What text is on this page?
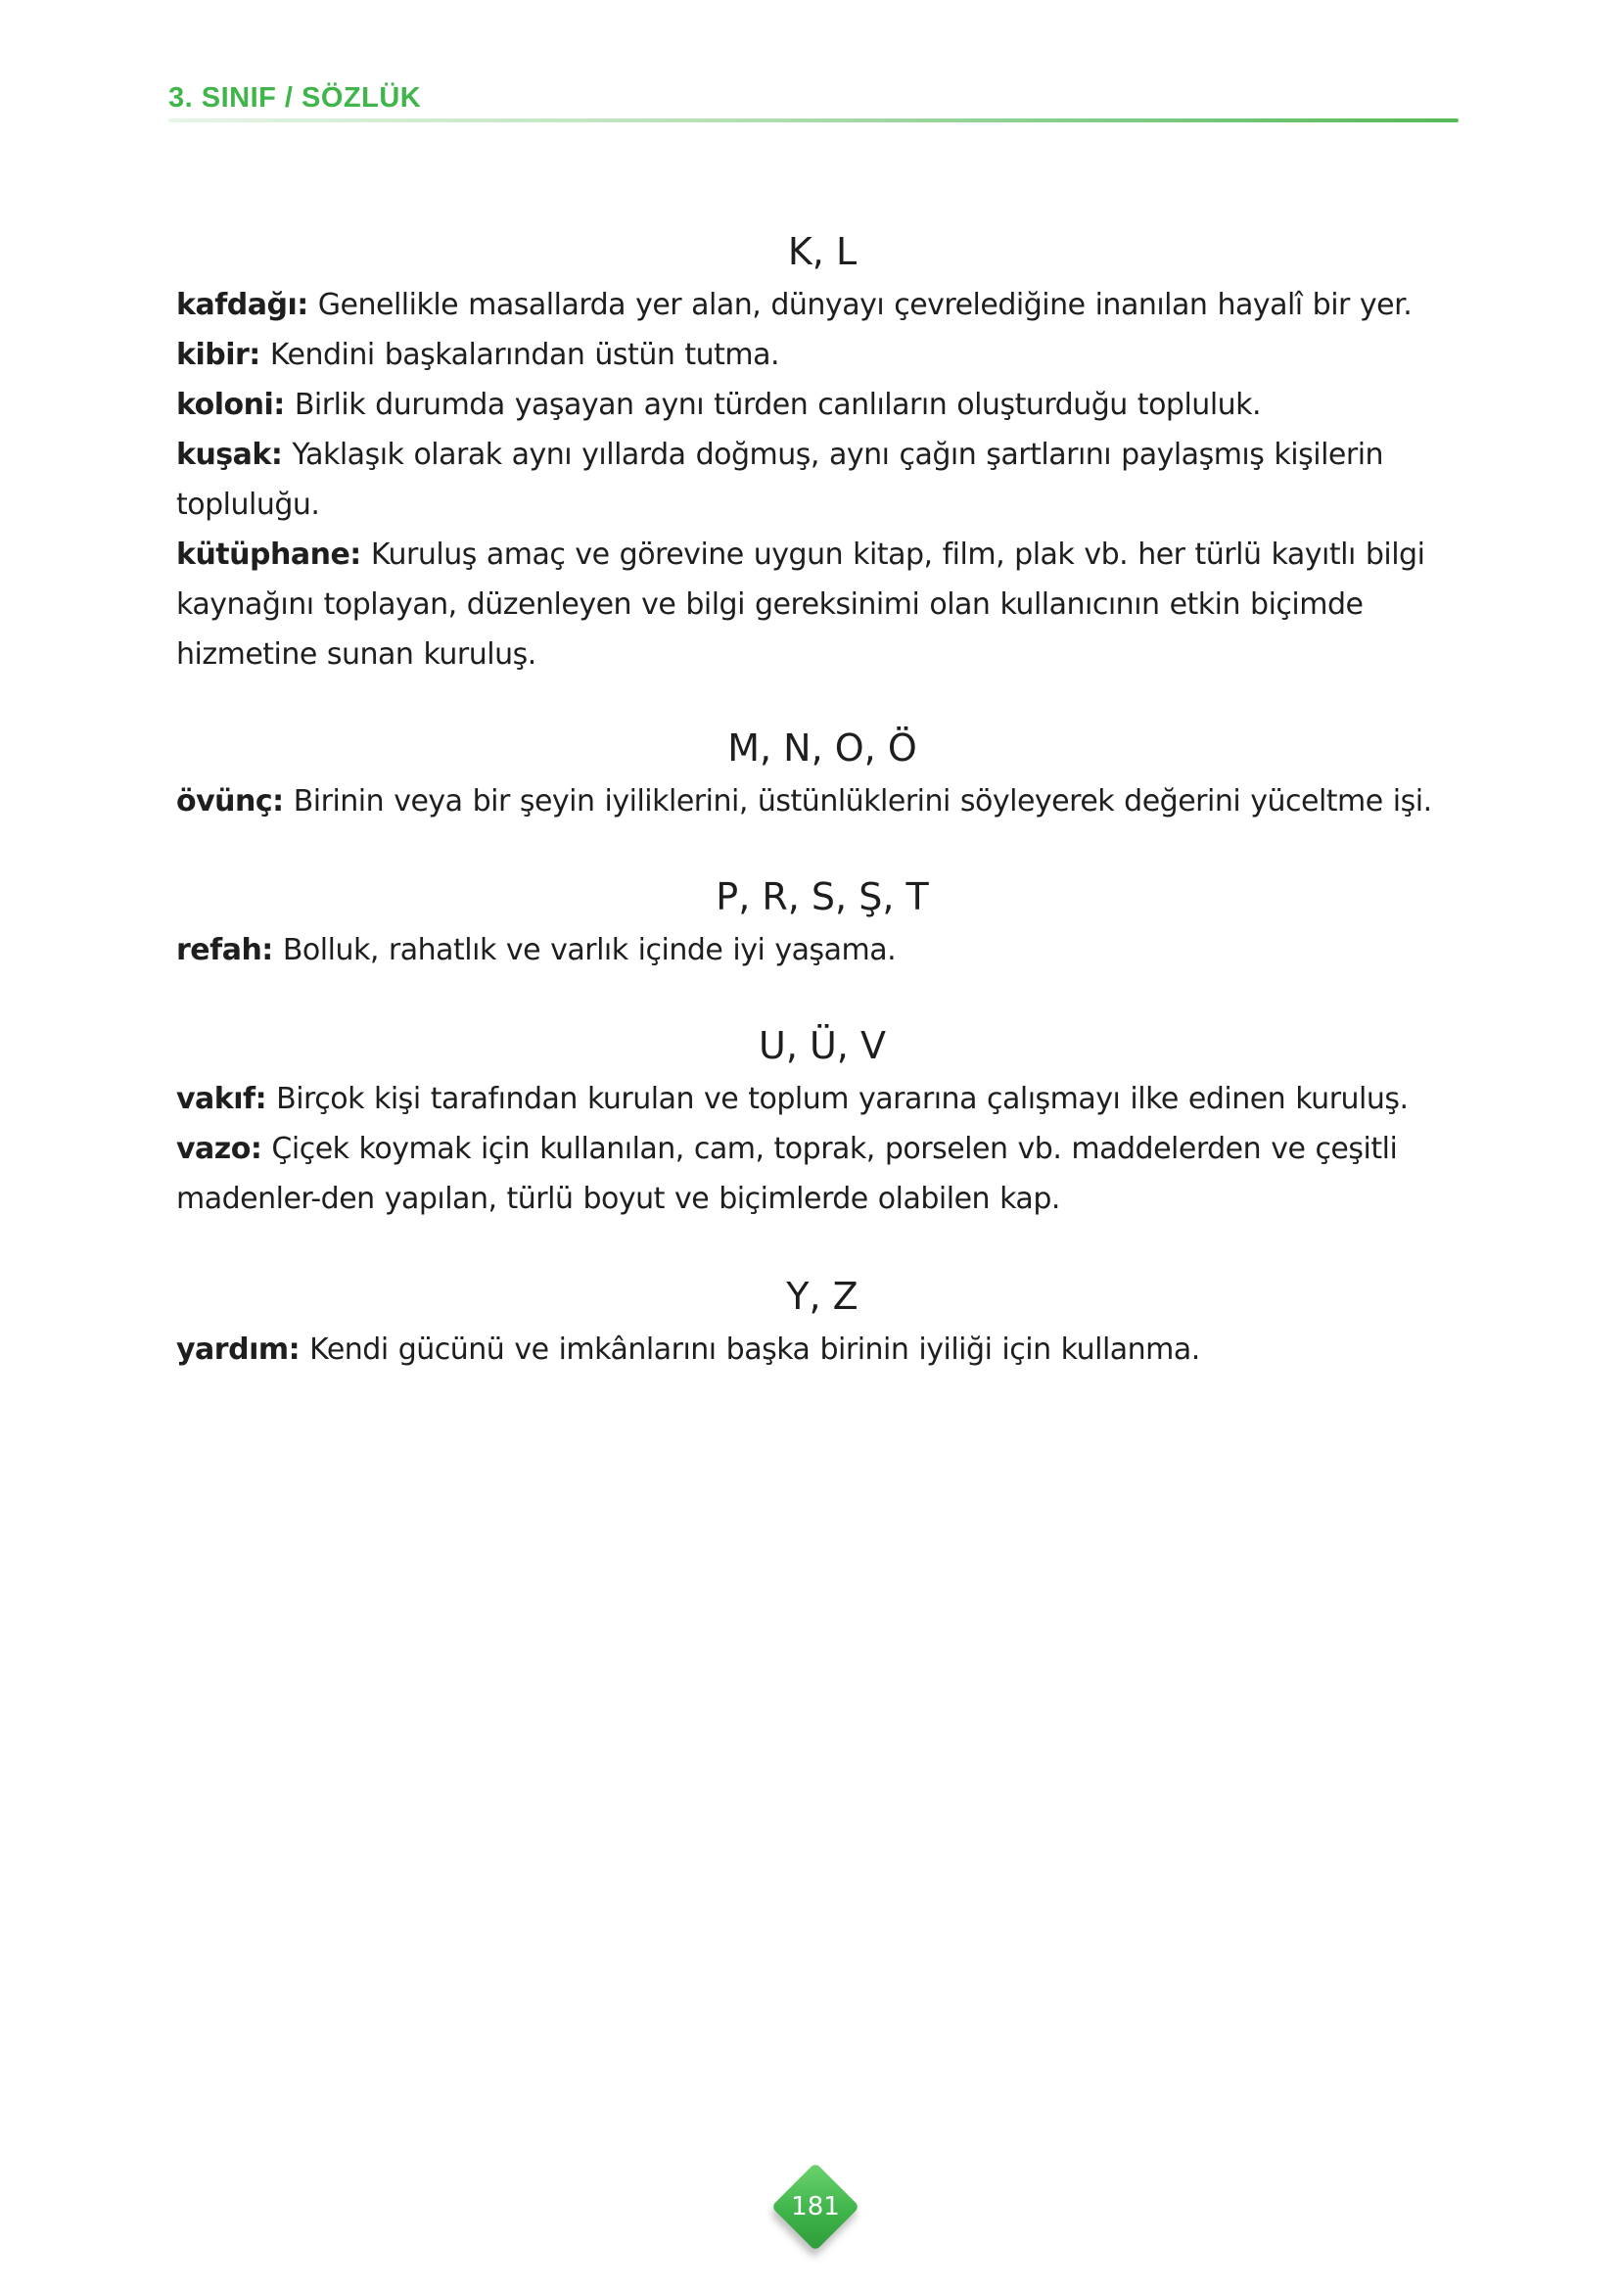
3. SINIF / SÖZLÜK
K, L

kafdağı: Genellikle masallarda yer alan, dünyayı çevrelediğine inanılan hayalî bir yer.

kibir: Kendini başkalarından üstün tutma.

koloni: Birlik durumda yaşayan aynı türden canlıların oluşturduğu topluluk.

kuşak: Yaklaşık olarak aynı yıllarda doğmuş, aynı çağın şartlarını paylaşmış kişilerin topluluğu.

kütüphane: Kuruluş amaç ve görevine uygun kitap, film, plak vb. her türlü kayıtlı bilgi kaynağını toplayan, düzenleyen ve bilgi gereksinimi olan kullanıcının etkin biçimde hizmetine sunan kuruluş.

M, N, O, Ö

övünç: Birinin veya bir şeyin iyiliklerini, üstünlüklerini söyleyerek değerini yüceltme işi.

P, R, S, Ş, T

refah: Bolluk, rahatlık ve varlık içinde iyi yaşama.

U, Ü, V

vakıf: Birçok kişi tarafından kurulan ve toplum yararına çalışmayı ilke edinen kuruluş.

vazo: Çiçek koymak için kullanılan, cam, toprak, porselen vb. maddelerden ve çeşitli madenler-den yapılan, türlü boyut ve biçimlerde olabilen kap.

Y, Z

yardım: Kendi gücünü ve imkânlarını başka birinin iyiliği için kullanma.

181
